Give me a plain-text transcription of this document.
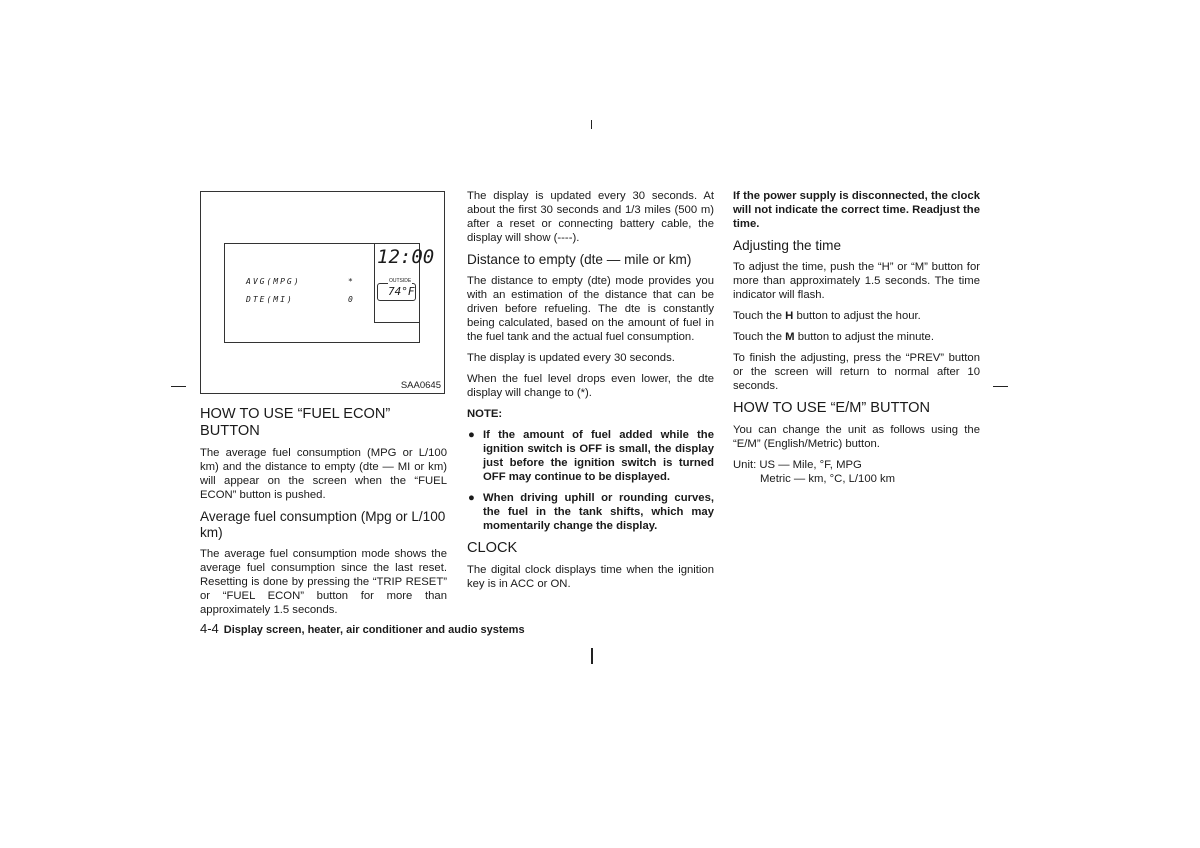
12:00
OUTSIDE
74°F
AVG(MPG)	*
DTE(MI)	0
SAA0645
HOW TO USE “FUEL ECON” BUTTON

The average fuel consumption (MPG or L/100 km) and the distance to empty (dte — MI or km) will appear on the screen when the “FUEL ECON” button is pushed.

Average fuel consumption (Mpg or L/100 km)

The average fuel consumption mode shows the average fuel consumption since the last reset. Resetting is done by pressing the “TRIP RESET” or “FUEL ECON” button for more than approximately 1.5 seconds.

The display is updated every 30 seconds. At about the first 30 seconds and 1/3 miles (500 m) after a reset or connecting battery cable, the display will show (----).

Distance to empty (dte — mile or km)

The distance to empty (dte) mode provides you with an estimation of the distance that can be driven before refueling. The dte is constantly being calculated, based on the amount of fuel in the fuel tank and the actual fuel consumption.

The display is updated every 30 seconds.

When the fuel level drops even lower, the dte display will change to (*).

NOTE:

● If the amount of fuel added while the ignition switch is OFF is small, the display just before the ignition switch is turned OFF may continue to be displayed.
● When driving uphill or rounding curves, the fuel in the tank shifts, which may momentarily change the display.
CLOCK

The digital clock displays time when the ignition key is in ACC or ON.

If the power supply is disconnected, the clock will not indicate the correct time. Readjust the time.

Adjusting the time

To adjust the time, push the “H” or “M” button for more than approximately 1.5 seconds. The time indicator will flash.

Touch the H button to adjust the hour.

Touch the M button to adjust the minute.

To finish the adjusting, press the “PREV” button or the screen will return to normal after 10 seconds.

HOW TO USE “E/M” BUTTON

You can change the unit as follows using the “E/M” (English/Metric) button.

Unit: US — Mile, °F, MPG
Metric — km, °C, L/100 km
4-4 Display screen, heater, air conditioner and audio systems
